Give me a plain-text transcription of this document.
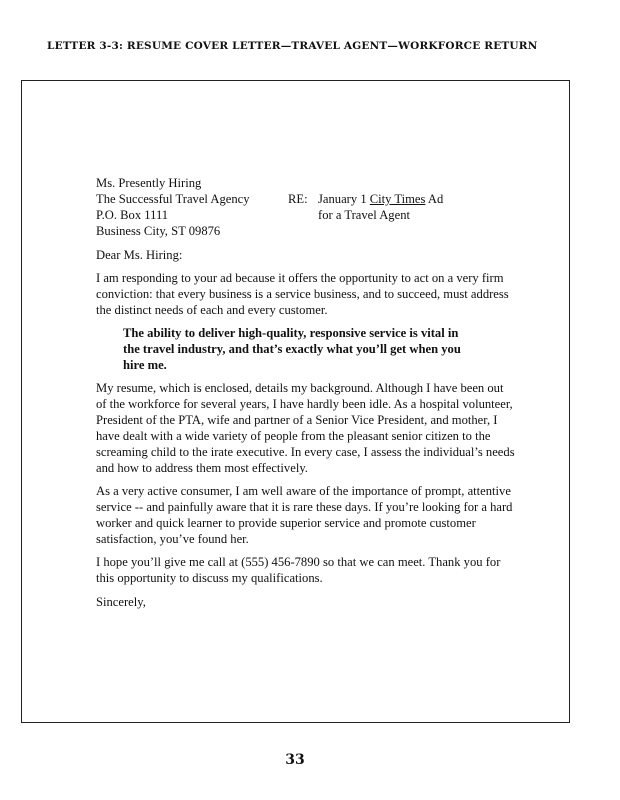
LETTER 3-3: RESUME COVER LETTER—TRAVEL AGENT—WORKFORCE RETURN
Ms. Presently Hiring
The Successful Travel Agency
P.O. Box 1111
Business City, ST 09876
RE: January 1 City Times Ad
for a Travel Agent
Dear Ms. Hiring:

I am responding to your ad because it offers the opportunity to act on a very firm conviction: that every business is a service business, and to succeed, must address the distinct needs of each and every customer.

The ability to deliver high-quality, responsive service is vital in the travel industry, and that’s exactly what you’ll get when you hire me.

My resume, which is enclosed, details my background. Although I have been out of the workforce for several years, I have hardly been idle. As a hospital volunteer, President of the PTA, wife and partner of a Senior Vice President, and mother, I have dealt with a wide variety of people from the pleasant senior citizen to the screaming child to the irate executive. In every case, I assess the individual’s needs and how to address them most effectively.

As a very active consumer, I am well aware of the importance of prompt, attentive service -- and painfully aware that it is rare these days. If you’re looking for a hard worker and quick learner to provide superior service and promote customer satisfaction, you’ve found her.

I hope you’ll give me call at (555) 456-7890 so that we can meet. Thank you for this opportunity to discuss my qualifications.

Sincerely,
33
